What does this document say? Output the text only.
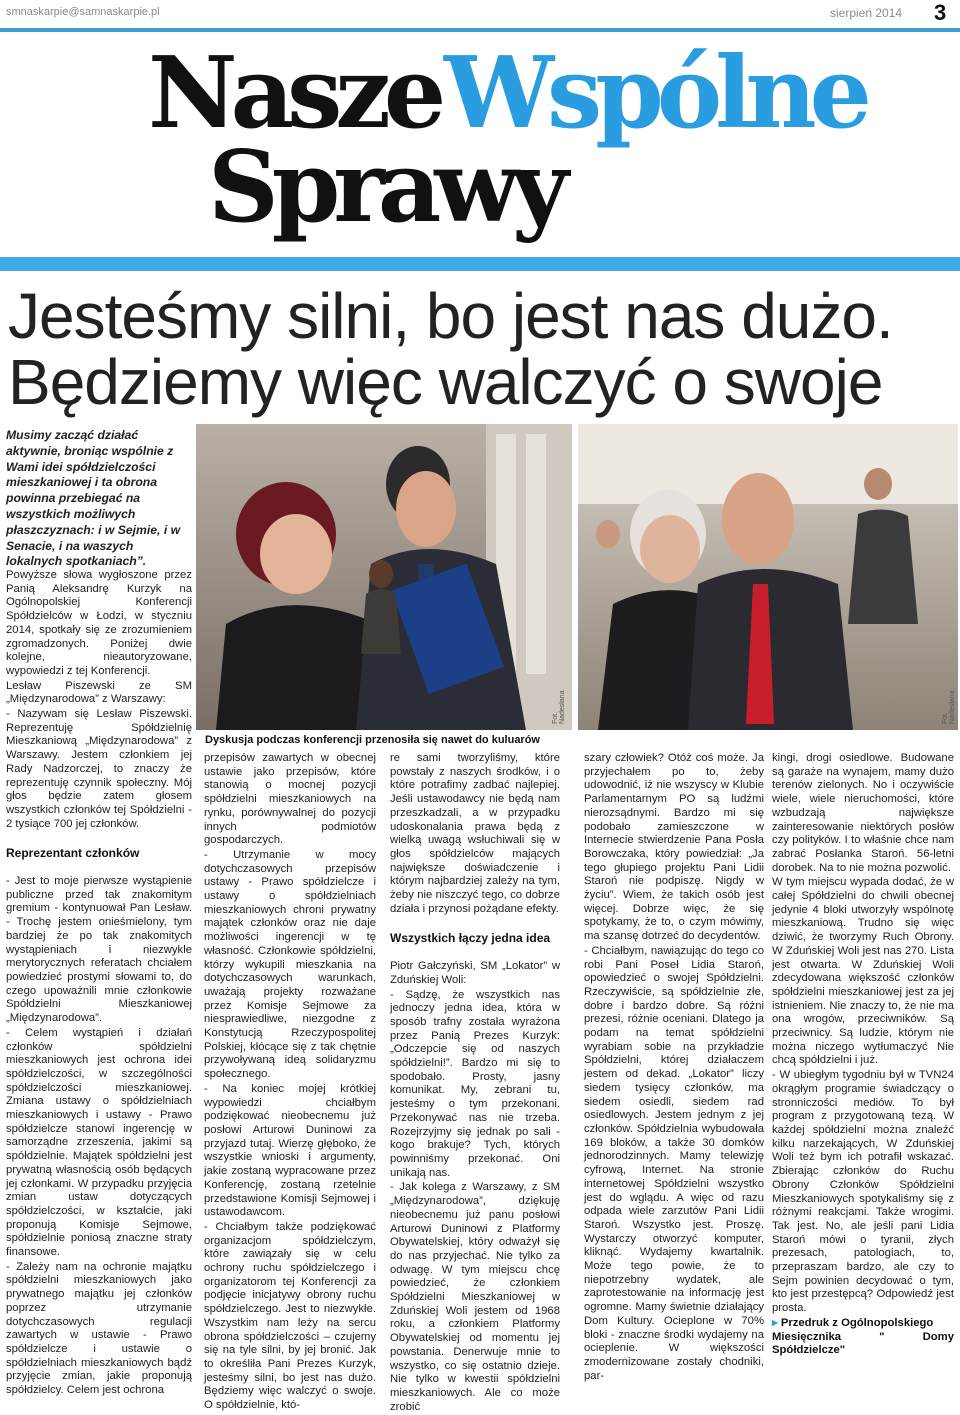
smnaskarpie@samnaskarpie.pl	sierpień 2014 3
Nasze Wspólne
Sprawy
Jesteśmy silni, bo jest nas dużo.
Będziemy więc walczyć o swoje
Musimy zacząć działać aktywnie, broniąc wspólnie z Wami idei spółdzielczości mieszkaniowej i ta obrona powinna przebiegać na wszystkich możliwych płaszczyznach: i w Sejmie, i w Senacie, i na waszych lokalnych spotkaniach”.

Powyższe słowa wygłoszone przez Panią Aleksandrę Kurzyk na Ogólnopolskiej Konferencji Spółdzielców w Łodzi, w styczniu 2014, spotkały się ze zrozumieniem zgromadzonych. Poniżej dwie kolejne, nieautoryzowane, wypowiedzi z tej Konferencji.

Lesław Piszewski ze SM „Międzynarodowa” z Warszawy:

- Nazywam się Lesław Piszewski. Reprezentuję Spółdzielnię Mieszkaniową „Międzynarodowa” z Warszawy. Jestem członkiem jej Rady Nadzorczej, to znaczy że reprezentuję czynnik społeczny. Mój głos będzie zatem głosem wszystkich członków tej Spółdzielni - 2 tysiące 700 jej członków.

Reprezentant członków

- Jest to moje pierwsze wystąpienie publiczne przed tak znakomitym gremium - kontynuował Pan Lesław. - Trochę jestem onieśmielony, tym bardziej że po tak znakomitych wystąpieniach i niezwykle merytorycznych referatach chciałem powiedzieć prostymi słowami to, do czego upoważnili mnie członkowie Spółdzielni Mieszkaniowej „Międzynarodowa”.

- Celem wystąpień i działań członków spółdzielni mieszkaniowych jest ochrona idei spółdzielczości, w szczególności spółdzielczości mieszkaniowej. Zmiana ustawy o spółdzielniach mieszkaniowych i ustawy - Prawo spółdzielcze stanowi ingerencję w samorządne zrzeszenia, jakimi są spółdzielnie. Majątek spółdzielni jest prywatną własnością osób będących jej członkami. W przypadku przyjęcia zmian ustaw dotyczących spółdzielczości, w kształcie, jaki proponują Komisje Sejmowe, spółdzielnie poniosą znaczne straty finansowe.

- Zależy nam na ochronie majątku spółdzielni mieszkaniowych jako prywatnego majątku jej członków poprzez utrzymanie dotychczasowych regulacji zawartych w ustawie - Prawo spółdzielcze i ustawie o spółdzielniach mieszkaniowych bądź przyjęcie zmian, jakie proponują spółdzielcy. Celem jest ochrona

Fot. Nadesłana	Fot. Nadesłana
Dyskusja podczas konferencji przenosiła się nawet do kuluarów

przepisów zawartych w obecnej ustawie jako przepisów, które stanowią o mocnej pozycji spółdzielni mieszkaniowych na rynku, porównywalnej do pozycji innych podmiotów gospodarczych.

- Utrzymanie w mocy dotychczasowych przepisów ustawy - Prawo spółdzielcze i ustawy o spółdzielniach mieszkaniowych chroni prywatny majątek członków oraz nie daje możliwości ingerencji w tę własność. Członkowie spółdzielni, którzy wykupili mieszkania na dotychczasowych warunkach, uważają projekty rozważane przez Komisje Sejmowe za niesprawiedliwe, niezgodne z Konstytucją Rzeczypospolitej Polskiej, kłócące się z tak chętnie przywoływaną ideą solidaryzmu społecznego.

- Na koniec mojej krótkiej wypowiedzi chciałbym podziękować nieobecnemu już posłowi Arturowi Duninowi za przyjazd tutaj. Wierzę głęboko, że wszystkie wnioski i argumenty, jakie zostaną wypracowane przez Konferencję, zostaną rzetelnie przedstawione Komisji Sejmowej i ustawodawcom.

- Chciałbym także podziękować organizacjom spółdzielczym, które zawiązały się w celu ochrony ruchu spółdzielczego i organizatorom tej Konferencji za podjęcie inicjatywy obrony ruchu spółdzielczego. Jest to niezwykłe. Wszystkim nam leży na sercu obrona spółdzielczości – czujemy się na tyle silni, by jej bronić. Jak to określiła Pani Prezes Kurzyk, jesteśmy silni, bo jest nas dużo. Będziemy więc walczyć o swoje. O spółdzielnie, któ-

re sami tworzyliśmy, które powstały z naszych środków, i o które potrafimy zadbać najlepiej. Jeśli ustawodawcy nie będą nam przeszkadzali, a w przypadku udoskonalania prawa będą z wielką uwagą wsłuchiwali się w głos spółdzielców mających największe doświadczenie i którym najbardziej zależy na tym, żeby nie niszczyć tego, co dobrze działa i przynosi pożądane efekty.

Wszystkich łączy jedna idea

Piotr Gałczyński, SM „Lokator” w Zduńskiej Woli:

- Sądzę, że wszystkich nas jednoczy jedna idea, która w sposób trafny została wyrażona przez Panią Prezes Kurzyk: „Odczepcie się od naszych spółdzielni!”. Bardzo mi się to spodobało. Prosty, jasny komunikat. My, zebrani tu, jesteśmy o tym przekonani. Przekonywać nas nie trzeba. Rozejrzyjmy się jednak po sali - kogo brakuje? Tych, których powinniśmy przekonać. Oni unikają nas.

- Jak kolega z Warszawy, z SM „Międzynarodowa”, dziękuję nieobecnemu już panu posłowi Arturowi Duninowi z Platformy Obywatelskiej, który odważył się do nas przyjechać. Nie tylko za odwagę. W tym miejscu chcę powiedzieć, że członkiem Spółdzielni Mieszkaniowej w Zduńskiej Woli jestem od 1968 roku, a członkiem Platformy Obywatelskiej od momentu jej powstania. Denerwuje mnie to wszystko, co się ostatnio dzieje. Nie tylko w kwestii spółdzielni mieszkaniowych. Ale co może zrobić

szary człowiek? Otóż coś może. Ja przyjechałem po to, żeby udowodnić, iż nie wszyscy w Klubie Parlamentarnym PO są ludźmi nierozsądnymi. Bardzo mi się podobało zamieszczone w Internecie stwierdzenie Pana Posła Borowczaka, który powiedział: „Ja tego głupiego projektu Pani Lidii Staroń nie podpiszę. Nigdy w życiu”. Wiem, że takich osób jest więcej. Dobrze więc, że się spotykamy, że to, o czym mówimy, ma szansę dotrzeć do decydentów.

- Chciałbym, nawiązując do tego co robi Pani Poseł Lidia Staroń, opowiedzieć o swojej Spółdzielni. Rzeczywiście, są spółdzielnie złe, dobre i bardzo dobre. Są różni prezesi, różnie oceniani. Dlatego ja podam na temat spółdzielni wyrabiam sobie na przykładzie Spółdzielni, której działaczem jestem od dekad. „Lokator” liczy siedem tysięcy członków, ma siedem osiedli, siedem rad osiedlowych. Jestem jednym z jej członków. Spółdzielnia wybudowała 169 bloków, a także 30 domków jednorodzinnych. Mamy telewizję cyfrową, Internet. Na stronie internetowej Spółdzielni wszystko jest do wglądu. A więc od razu odpada wiele zarzutów Pani Lidii Staroń. Wszystko jest. Proszę. Wystarczy otworzyć komputer, kliknąć. Wydajemy kwartalnik. Może tego powie, że to niepotrzebny wydatek, ale zaprotestowanie na informację jest ogromne. Mamy świetnie działający Dom Kultury. Ocieplone w 70% bloki - znaczne środki wydajemy na ocieplenie. W większości zmodernizowane zostały chodniki, par-

kingi, drogi osiedlowe. Budowane są garaże na wynajem, mamy dużo terenów zielonych. No i oczywiście wiele, wiele nieruchomości, które wzbudzają największe zainteresowanie niektórych posłów czy polityków. I to właśnie chce nam zabrać Posłanka Staroń. 56-letni dorobek. Na to nie można pozwolić.

W tym miejscu wypada dodać, że w całej Spółdzielni do chwili obecnej jedynie 4 bloki utworzyły wspólnotę mieszkaniową. Trudno się więc dziwić, że tworzymy Ruch Obrony. W Zduńskiej Woli jest nas 270. Lista jest otwarta. W Zduńskiej Woli zdecydowana większość członków spółdzielni mieszkaniowej jest za jej istnieniem. Nie znaczy to, że nie ma ona wrogów, przeciwników. Są przeciwnicy. Są ludzie, którym nie można niczego wytłumaczyć Nie chcą spółdzielni i już.

- W ubiegłym tygodniu był w TVN24 okrągłym programie świadczący o stronniczości mediów. To był program z przygotowaną tezą. W każdej spółdzielni można znaleźć kilku narzekających, W Zduńskiej Woli też bym ich potrafił wskazać. Zbierając członków do Ruchu Obrony Członków Spółdzielni Mieszkaniowych spotykaliśmy się z różnymi reakcjami. Także wrogimi. Tak jest. No, ale jeśli pani Lidia Staroń mówi o tyranii, złych prezesach, patologiach, to, przepraszam bardzo, ale czy to Sejm powinien decydować o tym, kto jest przestępcą? Odpowiedź jest prosta.

▸ Przedruk z Ogólnopolskiego
Miesięcznika " Domy Spółdzielcze"
